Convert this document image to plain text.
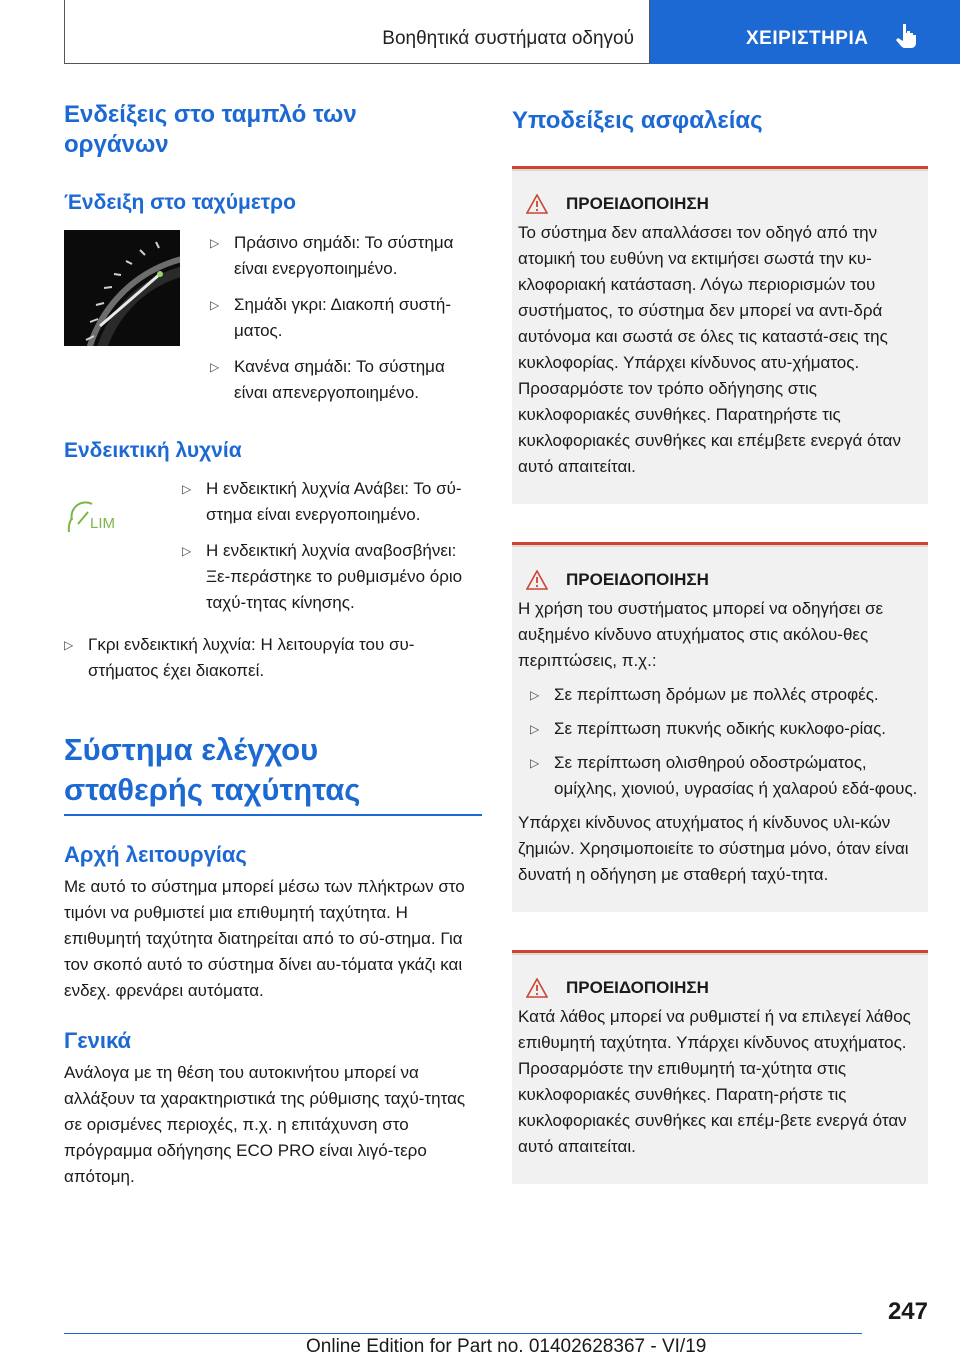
Βοηθητικά συστήματα οδηγού	ΧΕΙΡΙΣΤΗΡΙΑ
Ενδείξεις στο ταμπλό των
οργάνων
Ένδειξη στο ταχύμετρο
▷ Πράσινο σημάδι: Το σύστημα είναι ενεργοποιημένο.
▷ Σημάδι γκρι: Διακοπή συστή-ματος.
▷ Κανένα σημάδι: Το σύστημα είναι απενεργοποιημένο.
Ενδεικτική λυχνία
LIM
▷ Η ενδεικτική λυχνία Ανάβει: Το σύ-στημα είναι ενεργοποιημένο.
▷ Η ενδεικτική λυχνία αναβοσβήνει: Ξε-περάστηκε το ρυθμισμένο όριο ταχύ-τητας κίνησης.
▷ Γκρι ενδεικτική λυχνία: Η λειτουργία του συ-στήματος έχει διακοπεί.
Σύστημα ελέγχου
σταθερής ταχύτητας
Αρχή λειτουργίας

Με αυτό το σύστημα μπορεί μέσω των πλήκτρων στο τιμόνι να ρυθμιστεί μια επιθυμητή ταχύτητα. Η επιθυμητή ταχύτητα διατηρείται από το σύ-στημα. Για τον σκοπό αυτό το σύστημα δίνει αυ-τόματα γκάζι και ενδεχ. φρενάρει αυτόματα.

Γενικά

Ανάλογα με τη θέση του αυτοκινήτου μπορεί να αλλάξουν τα χαρακτηριστικά της ρύθμισης ταχύ-τητας σε ορισμένες περιοχές, π.χ. η επιτάχυνση στο πρόγραμμα οδήγησης ECO PRO είναι λιγό-τερο απότομη.

Υποδείξεις ασφαλείας
ΠΡΟΕΙΔΟΠΟΙΗΣΗ

Το σύστημα δεν απαλλάσσει τον οδηγό από την ατομική του ευθύνη να εκτιμήσει σωστά την κυ-κλοφοριακή κατάσταση. Λόγω περιορισμών του συστήματος, το σύστημα δεν μπορεί να αντι-δρά αυτόνομα και σωστά σε όλες τις καταστά-σεις της κυκλοφορίας. Υπάρχει κίνδυνος ατυ-χήματος. Προσαρμόστε τον τρόπο οδήγησης στις κυκλοφοριακές συνθήκες. Παρατηρήστε τις κυκλοφοριακές συνθήκες και επέμβετε ενεργά όταν αυτό απαιτείται.

ΠΡΟΕΙΔΟΠΟΙΗΣΗ

Η χρήση του συστήματος μπορεί να οδηγήσει σε αυξημένο κίνδυνο ατυχήματος στις ακόλου-θες περιπτώσεις, π.χ.:

▷ Σε περίπτωση δρόμων με πολλές στροφές.
▷ Σε περίπτωση πυκνής οδικής κυκλοφο-ρίας.
▷ Σε περίπτωση ολισθηρού οδοστρώματος, ομίχλης, χιονιού, υγρασίας ή χαλαρού εδά-φους.

Υπάρχει κίνδυνος ατυχήματος ή κίνδυνος υλι-κών ζημιών. Χρησιμοποιείτε το σύστημα μόνο, όταν είναι δυνατή η οδήγηση με σταθερή ταχύ-τητα.

ΠΡΟΕΙΔΟΠΟΙΗΣΗ

Κατά λάθος μπορεί να ρυθμιστεί ή να επιλεγεί λάθος επιθυμητή ταχύτητα. Υπάρχει κίνδυνος ατυχήματος. Προσαρμόστε την επιθυμητή τα-χύτητα στις κυκλοφοριακές συνθήκες. Παρατη-ρήστε τις κυκλοφοριακές συνθήκες και επέμ-βετε ενεργά όταν αυτό απαιτείται.

247
Online Edition for Part no. 01402628367 - VI/19
